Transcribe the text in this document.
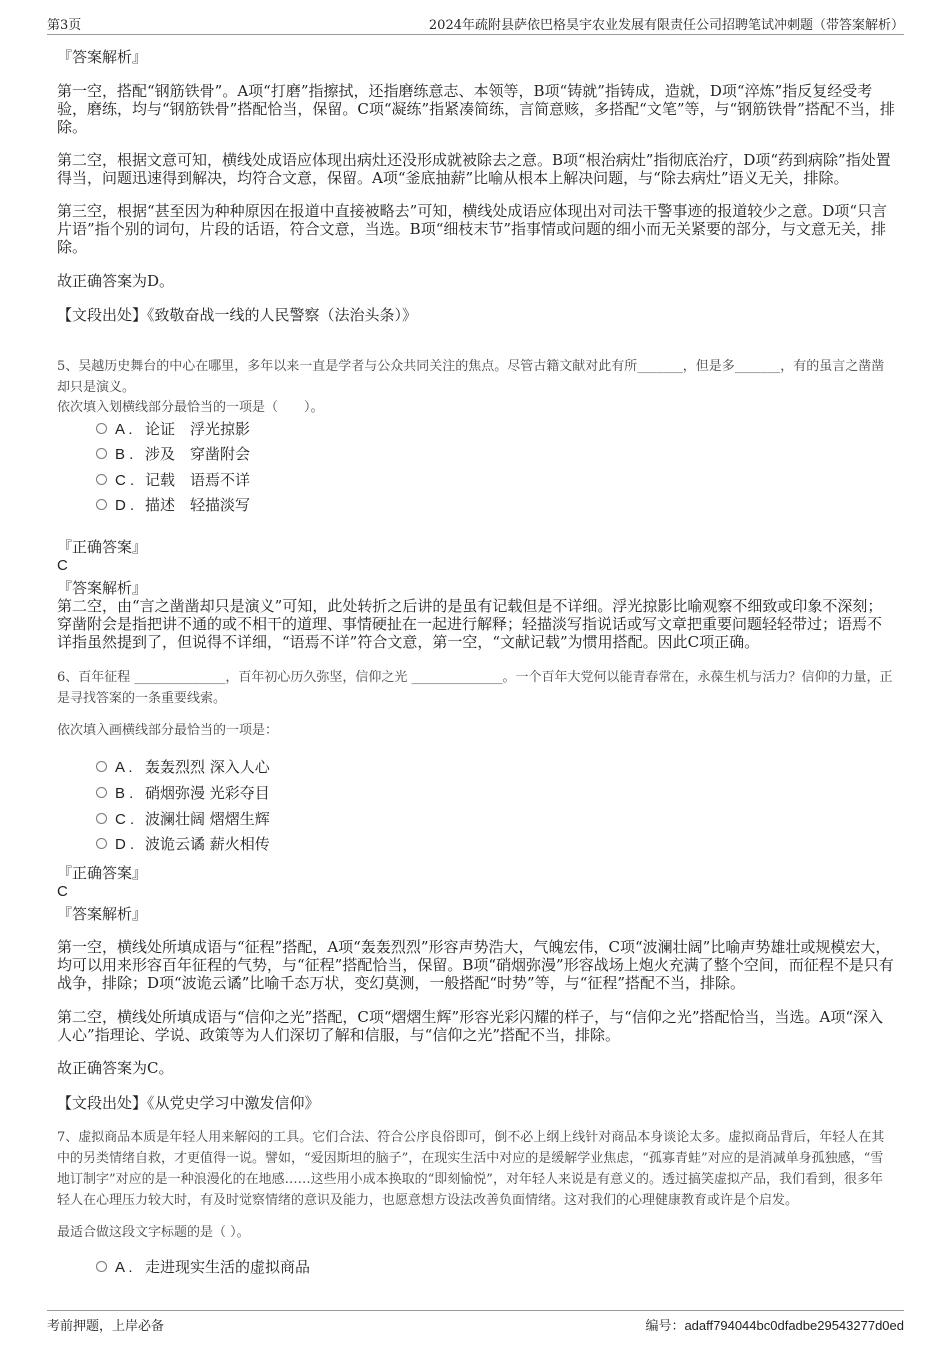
第3页	2024年疏附县萨依巴格昊宇农业发展有限责任公司招聘笔试冲刺题（带答案解析）
『答案解析』

第一空，搭配“钢筋铁骨”。A项“打磨”指擦拭，还指磨练意志、本领等，B项“铸就”指铸成，造就，D项“淬炼”指反复经受考验，磨练，均与“钢筋铁骨”搭配恰当，保留。C项“凝练”指紧凑简练，言简意赅，多搭配“文笔”等，与“钢筋铁骨”搭配不当，排除。

第二空，根据文意可知，横线处成语应体现出病灶还没形成就被除去之意。B项“根治病灶”指彻底治疗，D项“药到病除”指处置得当，问题迅速得到解决，均符合文意，保留。A项“釜底抽薪”比喻从根本上解决问题，与“除去病灶”语义无关，排除。

第三空，根据“甚至因为种种原因在报道中直接被略去”可知，横线处成语应体现出对司法干警事迹的报道较少之意。D项“只言片语”指个别的词句，片段的话语，符合文意，当选。B项“细枝末节”指事情或问题的细小而无关紧要的部分，与文意无关，排除。

故正确答案为D。
【文段出处】《致敬奋战一线的人民警察（法治头条）》

5、吴越历史舞台的中心在哪里，多年以来一直是学者与公众共同关注的焦点。尽管古籍文献对此有所_______，但是多_______，有的虽言之凿凿却只是演义。

依次填入划横线部分最恰当的一项是（　　）。
A . 论证　浮光掠影
B . 涉及　穿凿附会
C . 记载　语焉不详
D . 描述　轻描淡写
『正确答案』
C
『答案解析』

第二空，由“言之凿凿却只是演义”可知，此处转折之后讲的是虽有记载但是不详细。浮光掠影比喻观察不细致或印象不深刻；穿凿附会是指把讲不通的或不相干的道理、事情硬扯在一起进行解释；轻描淡写指说话或写文章把重要问题轻轻带过；语焉不详指虽然提到了，但说得不详细，“语焉不详”符合文意，第一空，“文献记载”为惯用搭配。因此C项正确。

6、百年征程 ______________，百年初心历久弥坚，信仰之光 ______________。一个百年大党何以能青春常在，永葆生机与活力？信仰的力量，正是寻找答案的一条重要线索。

依次填入画横线部分最恰当的一项是：
A . 轰轰烈烈 深入人心
B . 硝烟弥漫 光彩夺目
C . 波澜壮阔 熠熠生辉
D . 波诡云谲 薪火相传
『正确答案』
C
『答案解析』

第一空，横线处所填成语与“征程”搭配，A项“轰轰烈烈”形容声势浩大，气魄宏伟，C项“波澜壮阔”比喻声势雄壮或规模宏大，均可以用来形容百年征程的气势，与“征程”搭配恰当，保留。B项“硝烟弥漫”形容战场上炮火充满了整个空间，而征程不是只有战争，排除；D项“波诡云谲”比喻千态万状，变幻莫测，一般搭配“时势”等，与“征程”搭配不当，排除。

第二空，横线处所填成语与“信仰之光”搭配，C项“熠熠生辉”形容光彩闪耀的样子，与“信仰之光”搭配恰当，当选。A项“深入人心”指理论、学说、政策等为人们深切了解和信服，与“信仰之光”搭配不当，排除。

故正确答案为C。
【文段出处】《从党史学习中激发信仰》

7、虚拟商品本质是年轻人用来解闷的工具。它们合法、符合公序良俗即可，倒不必上纲上线针对商品本身谈论太多。虚拟商品背后，年轻人在其中的另类情绪自救，才更值得一说。譬如，“爱因斯坦的脑子”，在现实生活中对应的是缓解学业焦虑，“孤寡青蛙”对应的是消减单身孤独感，“雪地订制字”对应的是一种浪漫化的在地感……这些用小成本换取的“即刻愉悦”，对年轻人来说是有意义的。透过搞笑虚拟产品，我们看到，很多年轻人在心理压力较大时，有及时觉察情绪的意识及能力，也愿意想方设法改善负面情绪。这对我们的心理健康教育或许是个启发。

最适合做这段文字标题的是（ ）。
A . 走进现实生活的虚拟商品
考前押题，上岸必备	编号：adaff794044bc0dfadbe29543277d0ed
